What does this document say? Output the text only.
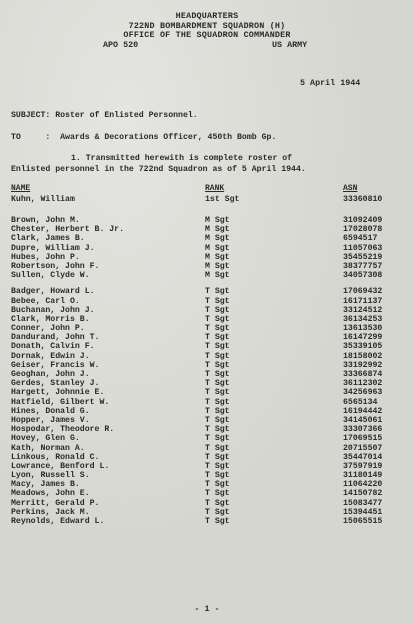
HEADQUARTERS
722ND BOMBARDMENT SQUADRON (H)
OFFICE OF THE SQUADRON COMMANDER
APO 520	US ARMY
5 April 1944
SUBJECT: Roster of Enlisted Personnel.
TO     :  Awards & Decorations Officer, 450th Bomb Gp.
1. Transmitted herewith is complete roster of
Enlisted personnel in the 722nd Squadron as of 5 April 1944.
NAME	RANK	ASN
Kuhn, William	1st Sgt	33360810
Brown, John M.	M Sgt	31092409
Chester, Herbert B. Jr.	M Sgt	17028078
Clark, James B.	M Sgt	6594517
Dupre, William J.	M Sgt	11057063
Hubes, John P.	M Sgt	35455219
Robertson, John F.	M Sgt	38377757
Sullen, Clyde W.	M Sgt	34057308
Badger, Howard L.	T Sgt	17069432
Bebee, Carl O.	T Sgt	16171137
Buchanan, John J.	T Sgt	33124512
Clark, Morris B.	T Sgt	36134253
Conner, John P.	T Sgt	13613530
Dandurand, John T.	T Sgt	16147299
Donath, Calvin F.	T Sgt	35339105
Dornak, Edwin J.	T Sgt	18158002
Geiser, Francis W.	T Sgt	33192992
Geoghan, John J.	T Sgt	33366874
Gerdes, Stanley J.	T Sgt	36112302
Hargett, Johnnie E.	T Sgt	34256963
Hatfield, Gilbert W.	T Sgt	6565134
Hines, Donald G.	T Sgt	16194442
Hopper, James V.	T Sgt	34145061
Hospodar, Theodore R.	T Sgt	33307366
Hovey, Glen G.	T Sgt	17069515
Kath, Norman A.	T Sgt	20715507
Linkous, Ronald C.	T Sgt	35447014
Lowrance, Benford L.	T Sgt	37597919
Lyon, Russell S.	T Sgt	31180149
Macy, James B.	T Sgt	11064220
Meadows, John E.	T Sgt	14150782
Merritt, Gerald P.	T Sgt	15083477
Perkins, Jack M.	T Sgt	15394451
Reynolds, Edward L.	T Sgt	15065515
- 1 -
